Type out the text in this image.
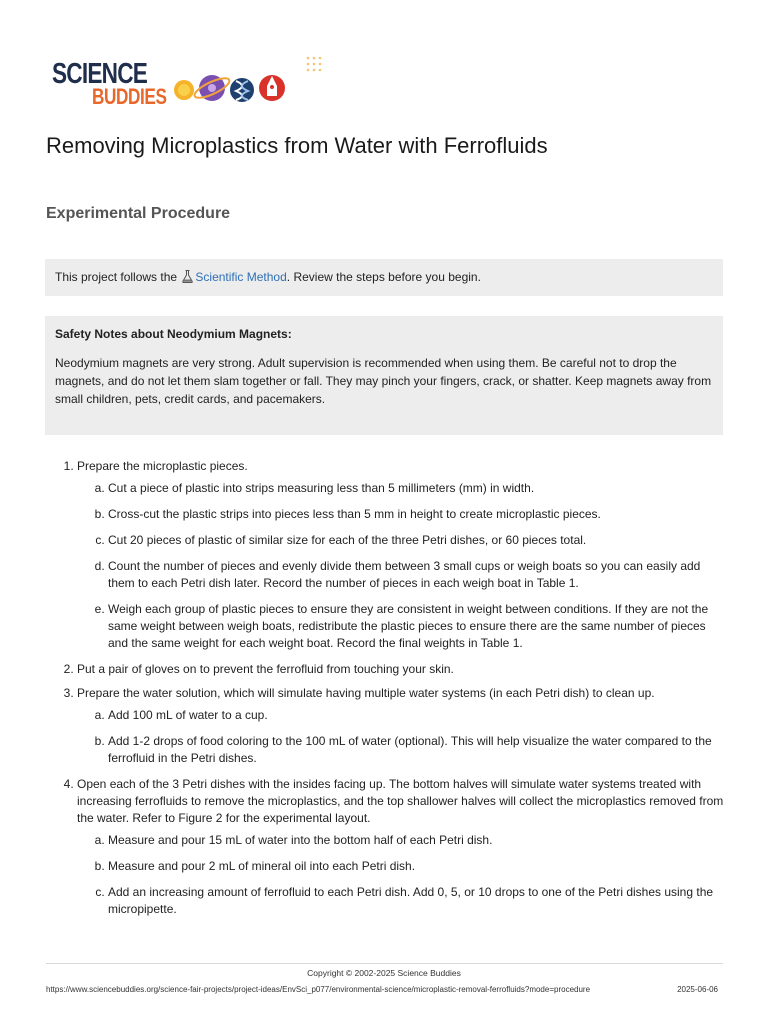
SCIENCE
BUDDIES
Removing Microplastics from Water with Ferrofluids
Experimental Procedure
This project follows the Scientific Method. Review the steps before you begin.

Safety Notes about Neodymium Magnets:

Neodymium magnets are very strong. Adult supervision is recommended when using them. Be careful not to drop the magnets, and do not let them slam together or fall. They may pinch your fingers, crack, or shatter. Keep magnets away from small children, pets, credit cards, and pacemakers.

1. Prepare the microplastic pieces.
a. Cut a piece of plastic into strips measuring less than 5 millimeters (mm) in width.
b. Cross-cut the plastic strips into pieces less than 5 mm in height to create microplastic pieces.
c. Cut 20 pieces of plastic of similar size for each of the three Petri dishes, or 60 pieces total.
d. Count the number of pieces and evenly divide them between 3 small cups or weigh boats so you can easily add them to each Petri dish later. Record the number of pieces in each weigh boat in Table 1.
e. Weigh each group of plastic pieces to ensure they are consistent in weight between conditions. If they are not the same weight between weigh boats, redistribute the plastic pieces to ensure there are the same number of pieces and the same weight for each weight boat. Record the final weights in Table 1.
2. Put a pair of gloves on to prevent the ferrofluid from touching your skin.
3. Prepare the water solution, which will simulate having multiple water systems (in each Petri dish) to clean up.
a. Add 100 mL of water to a cup.
b. Add 1-2 drops of food coloring to the 100 mL of water (optional). This will help visualize the water compared to the ferrofluid in the Petri dishes.
4. Open each of the 3 Petri dishes with the insides facing up. The bottom halves will simulate water systems treated with increasing ferrofluids to remove the microplastics, and the top shallower halves will collect the microplastics removed from the water. Refer to Figure 2 for the experimental layout.
a. Measure and pour 15 mL of water into the bottom half of each Petri dish.
b. Measure and pour 2 mL of mineral oil into each Petri dish.
c. Add an increasing amount of ferrofluid to each Petri dish. Add 0, 5, or 10 drops to one of the Petri dishes using the micropipette.
Copyright © 2002-2025 Science Buddies
https://www.sciencebuddies.org/science-fair-projects/project-ideas/EnvSci_p077/environmental-science/microplastic-removal-ferrofluids?mode=procedure	2025-06-06
